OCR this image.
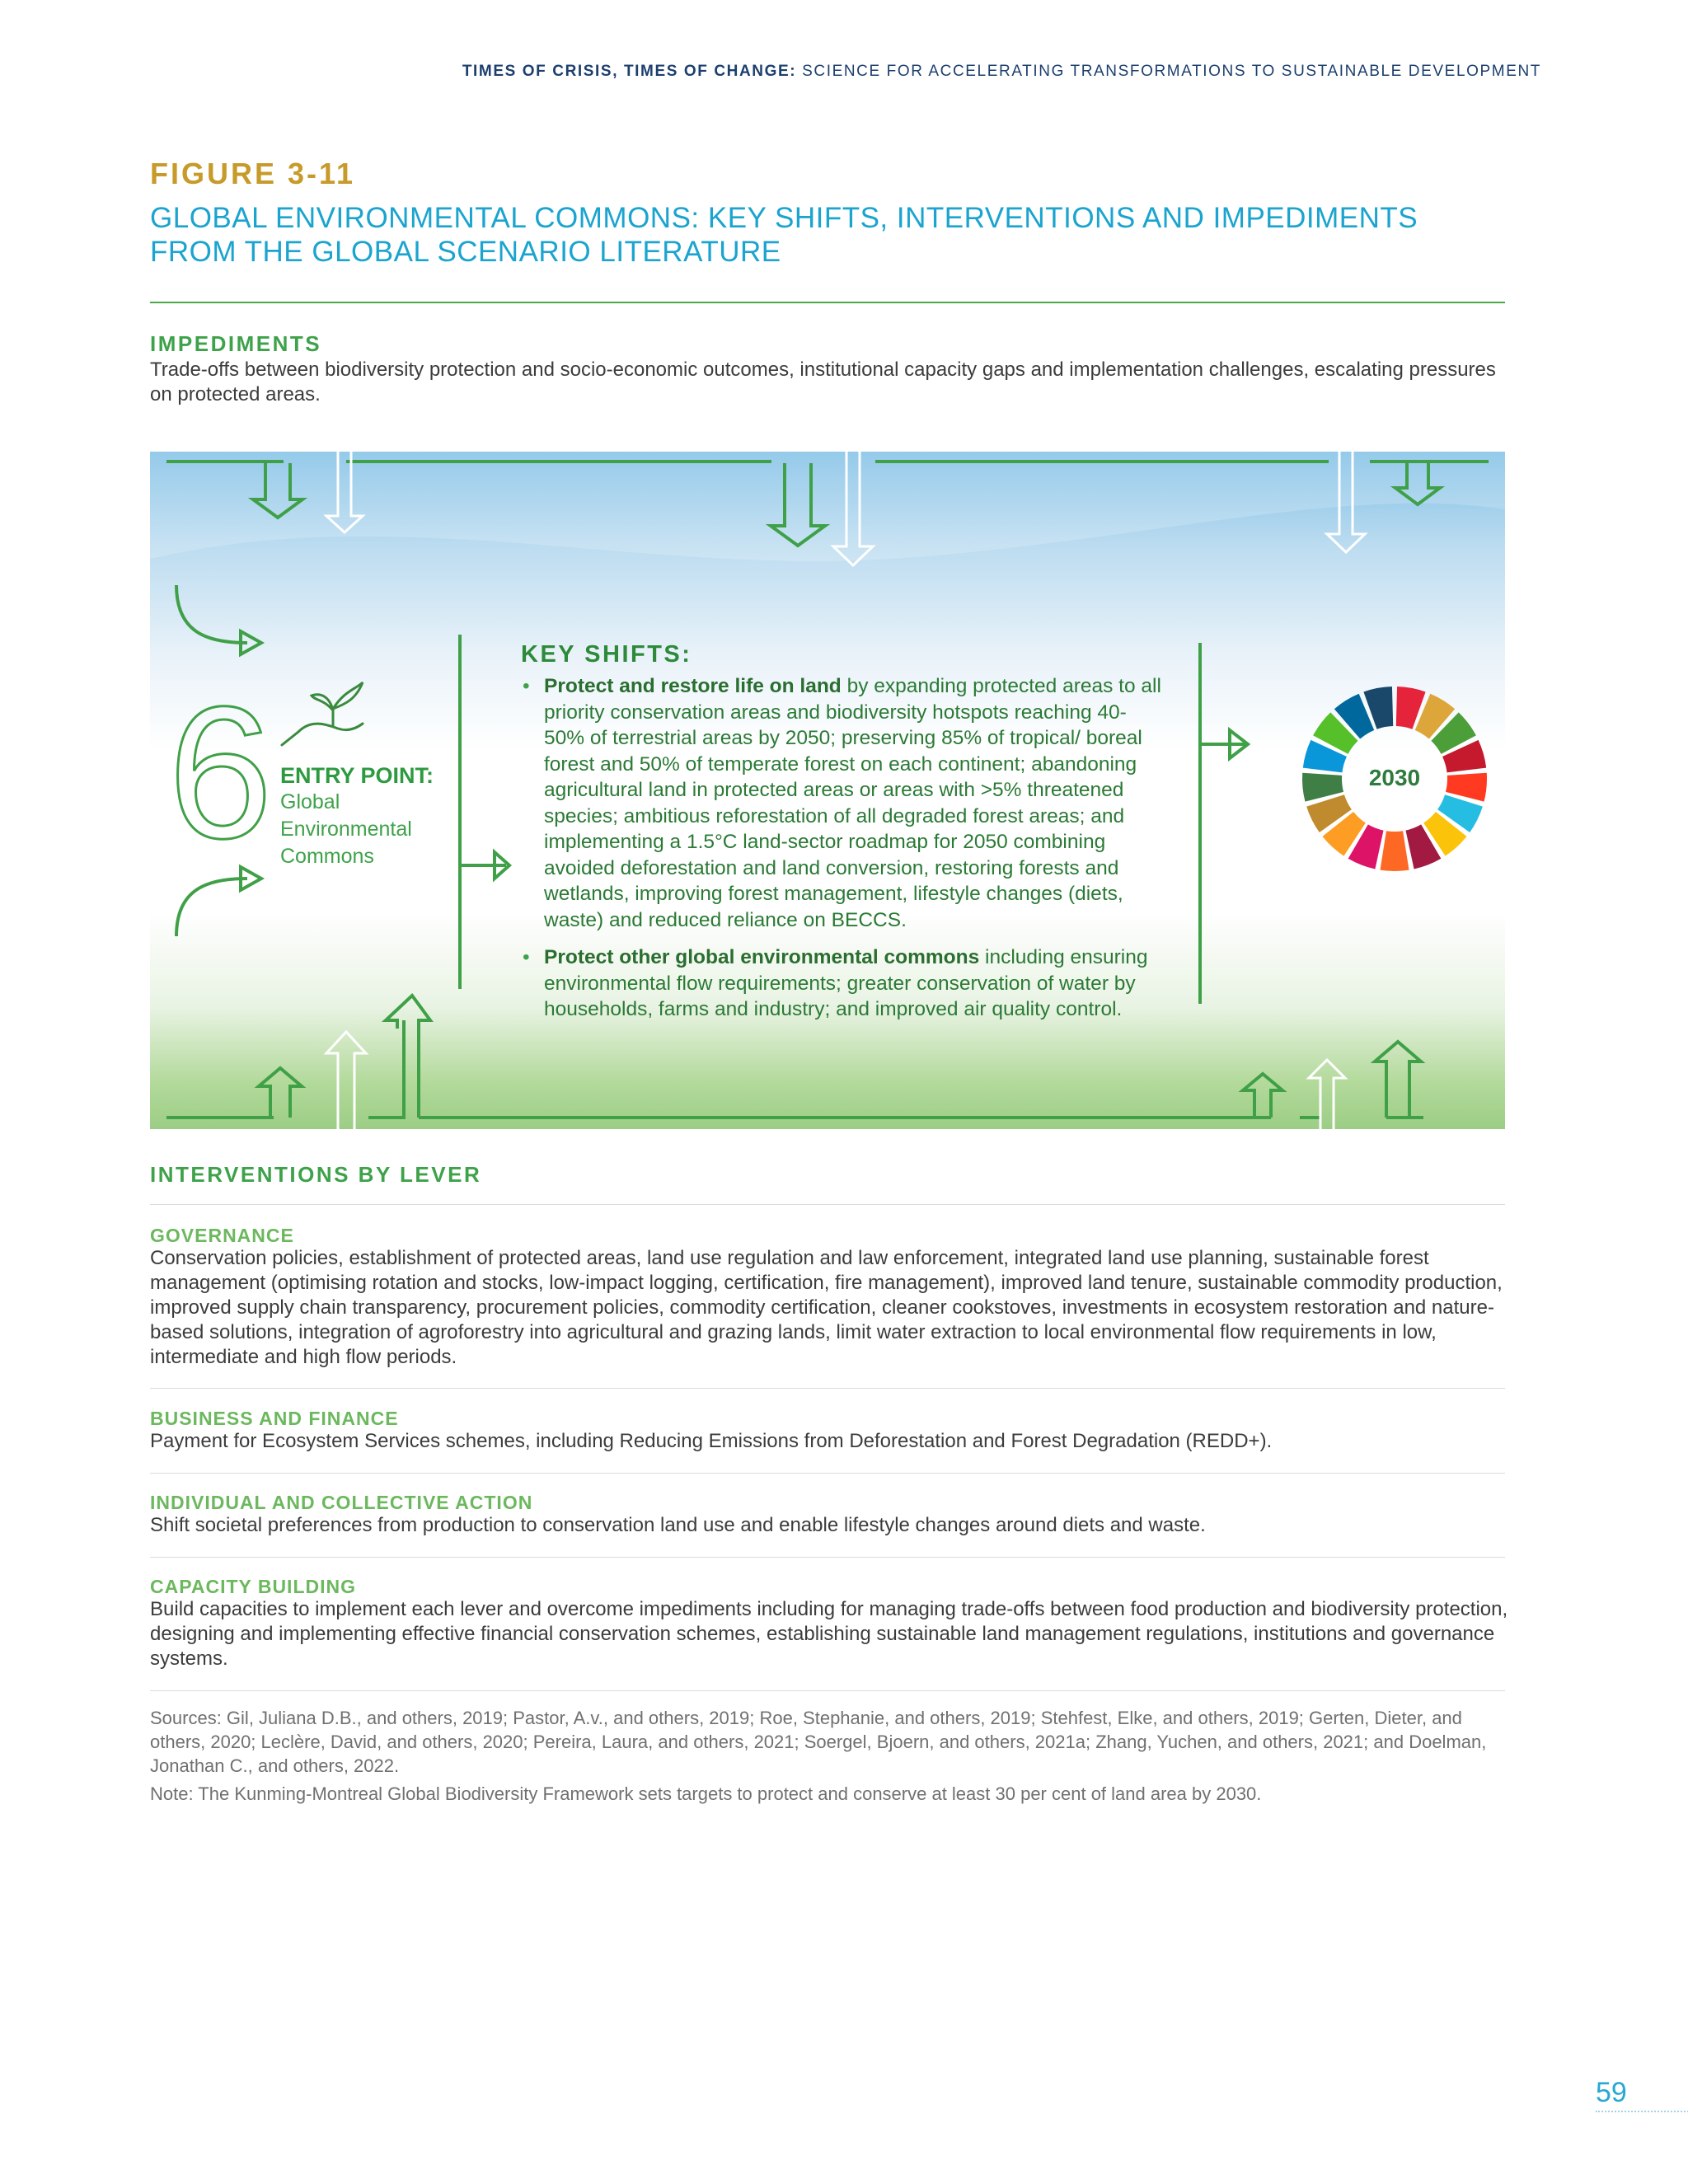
TIMES OF CRISIS, TIMES OF CHANGE: SCIENCE FOR ACCELERATING TRANSFORMATIONS TO SUSTAINABLE DEVELOPMENT
FIGURE 3-11
GLOBAL ENVIRONMENTAL COMMONS: KEY SHIFTS, INTERVENTIONS AND IMPEDIMENTS FROM THE GLOBAL SCENARIO LITERATURE
IMPEDIMENTS
Trade-offs between biodiversity protection and socio-economic outcomes, institutional capacity gaps and implementation challenges, escalating pressures on protected areas.
6	2030
ENTRY POINT:
Global
Environmental
Commons
KEY SHIFTS:
• Protect and restore life on land by expanding protected areas to all priority conservation areas and biodiversity hotspots reaching 40-50% of terrestrial areas by 2050; preserving 85% of tropical/ boreal forest and 50% of temperate forest on each continent; abandoning agricultural land in protected areas or areas with >5% threatened species; ambitious reforestation of all degraded forest areas; and implementing a 1.5°C land-sector roadmap for 2050 combining avoided deforestation and land conversion, restoring forests and wetlands, improving forest management, lifestyle changes (diets, waste) and reduced reliance on BECCS.
• Protect other global environmental commons including ensuring environmental flow requirements; greater conservation of water by households, farms and industry; and improved air quality control.
INTERVENTIONS BY LEVER
GOVERNANCE
Conservation policies, establishment of protected areas, land use regulation and law enforcement, integrated land use planning, sustainable forest management (optimising rotation and stocks, low-impact logging, certification, fire management), improved land tenure, sustainable commodity production, improved supply chain transparency, procurement policies, commodity certification, cleaner cookstoves, investments in ecosystem restoration and nature-based solutions, integration of agroforestry into agricultural and grazing lands, limit water extraction to local environmental flow requirements in low, intermediate and high flow periods.
BUSINESS AND FINANCE
Payment for Ecosystem Services schemes, including Reducing Emissions from Deforestation and Forest Degradation (REDD+).
INDIVIDUAL AND COLLECTIVE ACTION
Shift societal preferences from production to conservation land use and enable lifestyle changes around diets and waste.
CAPACITY BUILDING
Build capacities to implement each lever and overcome impediments including for managing trade-offs between food production and biodiversity protection, designing and implementing effective financial conservation schemes, establishing sustainable land management regulations, institutions and governance systems.
Sources: Gil, Juliana D.B., and others, 2019; Pastor, A.v., and others, 2019; Roe, Stephanie, and others, 2019; Stehfest, Elke, and others, 2019; Gerten, Dieter, and others, 2020; Leclère, David, and others, 2020; Pereira, Laura, and others, 2021; Soergel, Bjoern, and others, 2021a; Zhang, Yuchen, and others, 2021; and Doelman, Jonathan C., and others, 2022.
Note: The Kunming-Montreal Global Biodiversity Framework sets targets to protect and conserve at least 30 per cent of land area by 2030.
59
